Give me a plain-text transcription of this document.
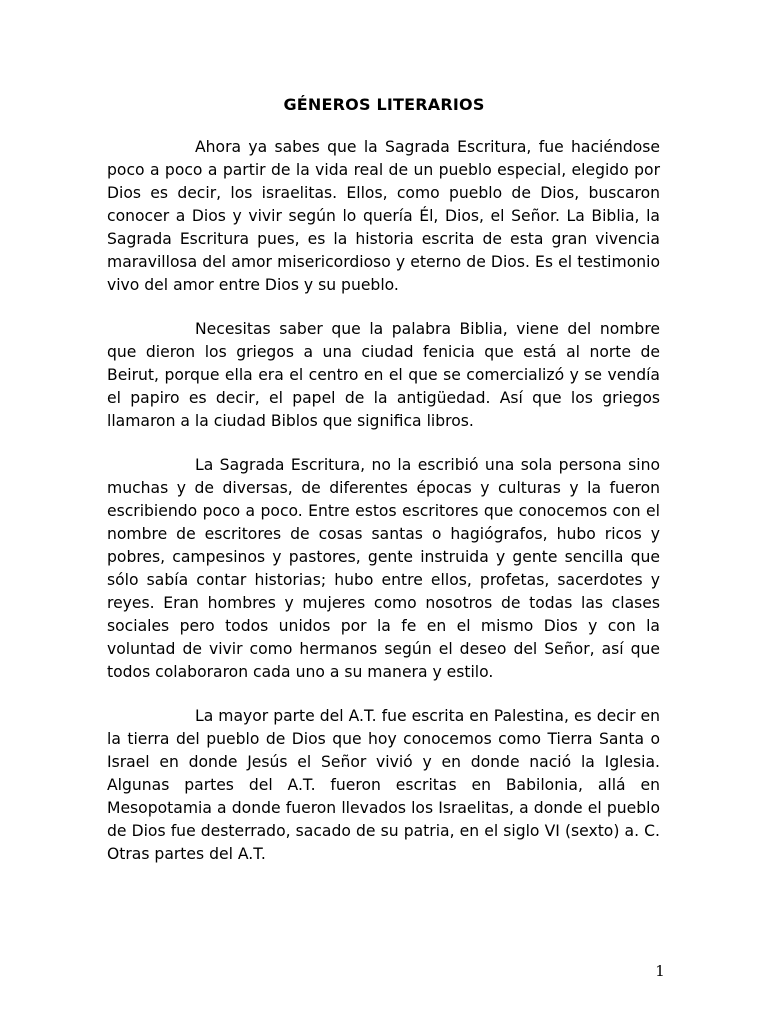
GÉNEROS LITERARIOS

Ahora ya sabes que la Sagrada Escritura, fue haciéndose poco a poco a partir de la vida real de un pueblo especial, elegido por Dios es decir, los israelitas. Ellos, como pueblo de Dios, buscaron conocer a Dios y vivir según lo quería Él, Dios, el Señor. La Biblia, la Sagrada Escritura pues, es la historia escrita de esta gran vivencia maravillosa del amor misericordioso y eterno de Dios. Es el testimonio vivo del amor entre Dios y su pueblo.

Necesitas saber que la palabra Biblia, viene del nombre que dieron los griegos a una ciudad fenicia que está al norte de Beirut, porque ella era el centro en el que se comercializó y se vendía el papiro es decir, el papel de la antigüedad. Así que los griegos llamaron a la ciudad Biblos que significa libros.

La Sagrada Escritura, no la escribió una sola persona sino muchas y de diversas, de diferentes épocas y culturas y la fueron escribiendo poco a poco. Entre estos escritores que conocemos con el nombre de escritores de cosas santas o hagiógrafos, hubo ricos y pobres, campesinos y pastores, gente instruida y gente sencilla que sólo sabía contar historias; hubo entre ellos, profetas, sacerdotes y reyes. Eran hombres y mujeres como nosotros de todas las clases sociales pero todos unidos por la fe en el mismo Dios y con la voluntad de vivir como hermanos según el deseo del Señor, así que todos colaboraron cada uno a su manera y estilo.

La mayor parte del A.T. fue escrita en Palestina, es decir en la tierra del pueblo de Dios que hoy conocemos como Tierra Santa o Israel en donde Jesús el Señor vivió y en donde nació la Iglesia. Algunas partes del A.T. fueron escritas en Babilonia, allá en Mesopotamia a donde fueron llevados los Israelitas, a donde el pueblo de Dios fue desterrado, sacado de su patria, en el siglo VI (sexto) a. C. Otras partes del A.T.

1
